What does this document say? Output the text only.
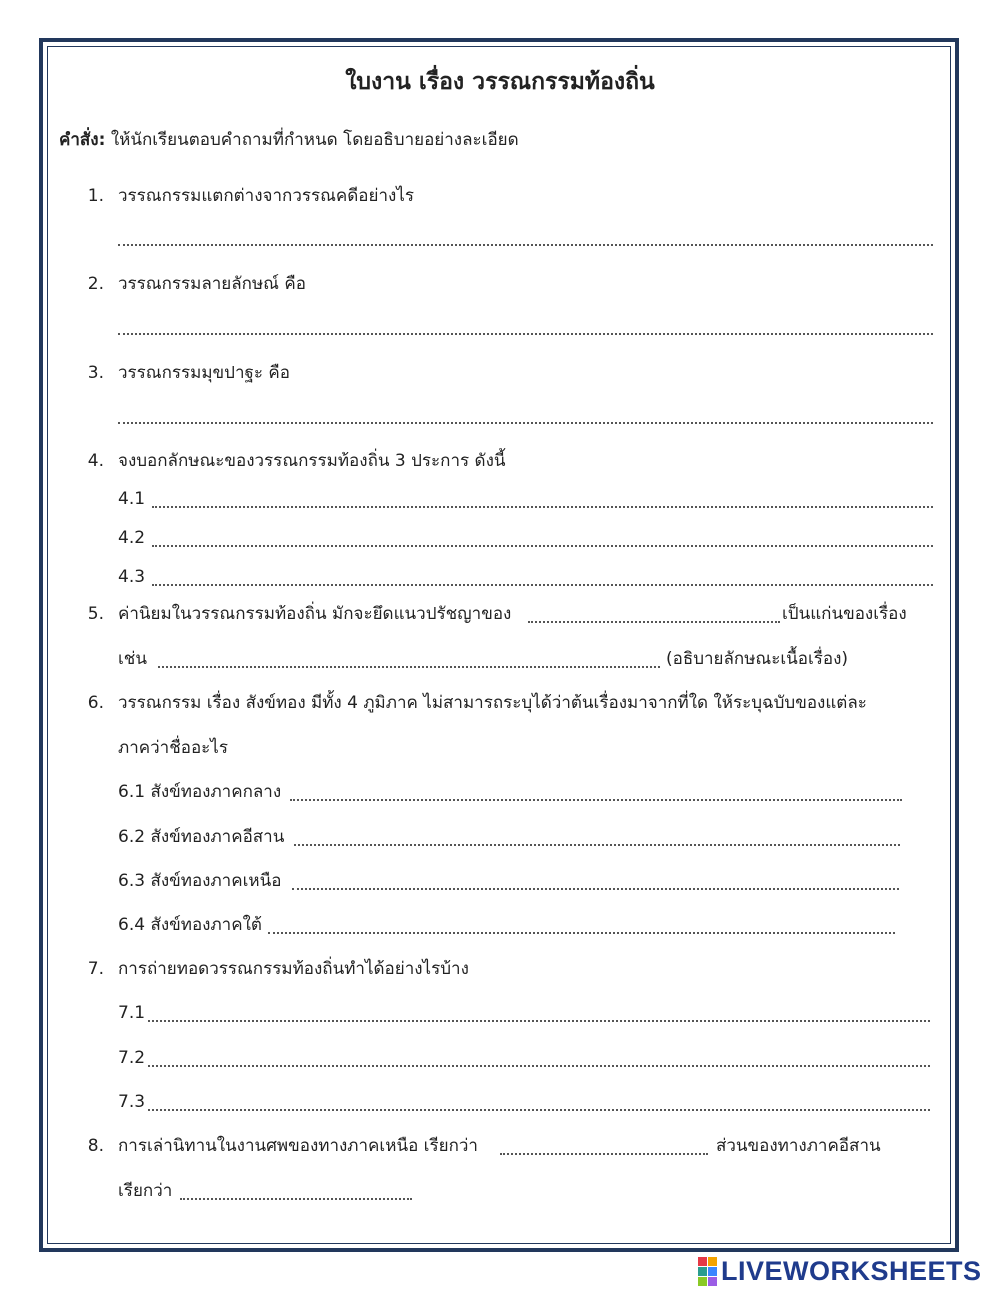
ใบงาน เรื่อง วรรณกรรมท้องถิ่น
คำสั่ง: ให้นักเรียนตอบคำถามที่กำหนด โดยอธิบายอย่างละเอียด
1. วรรณกรรมแตกต่างจากวรรณคดีอย่างไร
2. วรรณกรรมลายลักษณ์ คือ
3. วรรณกรรมมุขปาฐะ คือ
4. จงบอกลักษณะของวรรณกรรมท้องถิ่น 3 ประการ ดังนี้
4.1
4.2
4.3
5. ค่านิยมในวรรณกรรมท้องถิ่น มักจะยึดแนวปรัชญาของ	เป็นแก่นของเรื่อง
เช่น	(อธิบายลักษณะเนื้อเรื่อง)
6. วรรณกรรม เรื่อง สังข์ทอง มีทั้ง 4 ภูมิภาค ไม่สามารถระบุได้ว่าต้นเรื่องมาจากที่ใด ให้ระบุฉบับของแต่ละ
ภาคว่าชื่ออะไร
6.1 สังข์ทองภาคกลาง
6.2 สังข์ทองภาคอีสาน
6.3 สังข์ทองภาคเหนือ
6.4 สังข์ทองภาคใต้
7. การถ่ายทอดวรรณกรรมท้องถิ่นทำได้อย่างไรบ้าง
7.1
7.2
7.3
8. การเล่านิทานในงานศพของทางภาคเหนือ เรียกว่า	ส่วนของทางภาคอีสาน
เรียกว่า
LIVEWORKSHEETS
